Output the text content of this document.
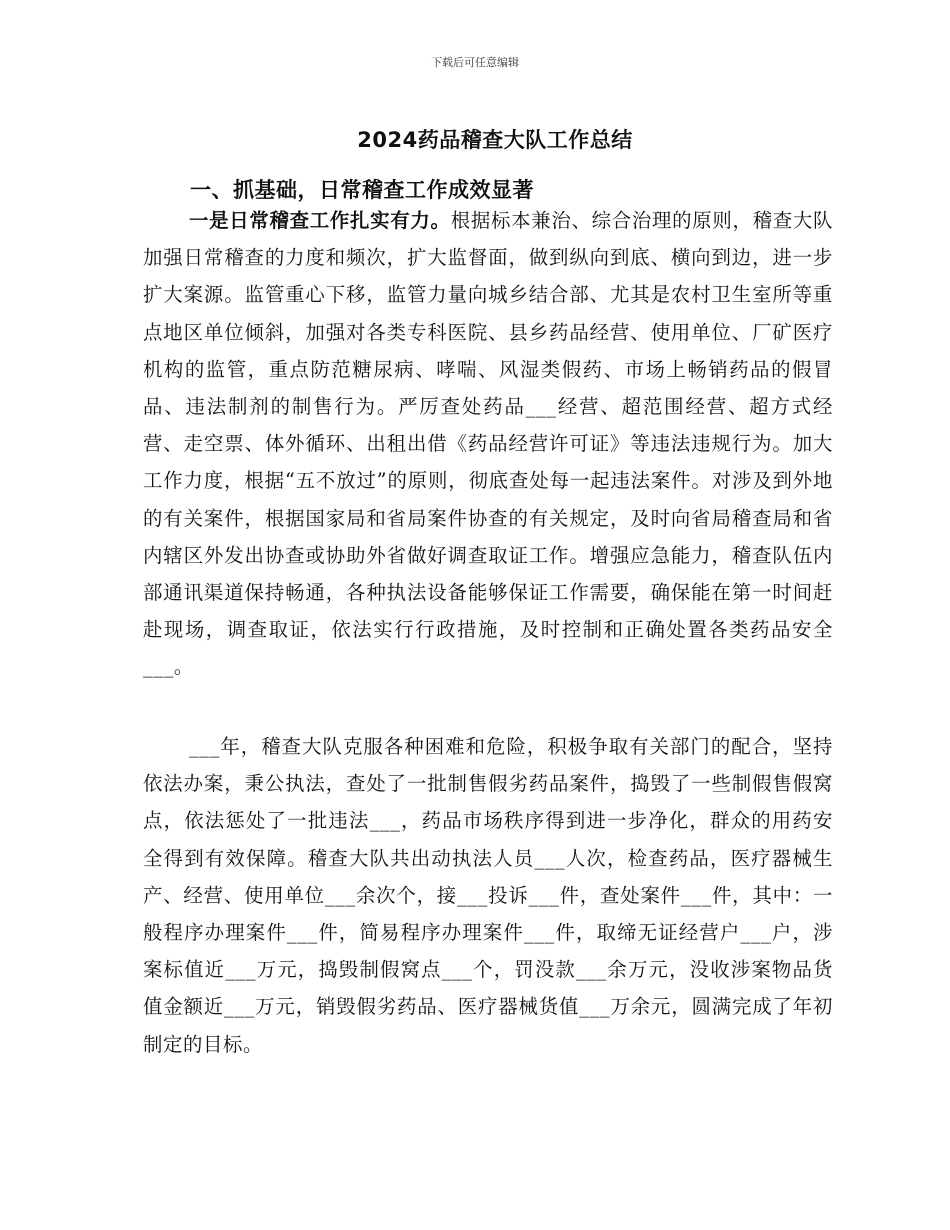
下载后可任意编辑
2024药品稽查大队工作总结
一、抓基础，日常稽查工作成效显著

一是日常稽查工作扎实有力。根据标本兼治、综合治理的原则，稽查大队加强日常稽查的力度和频次，扩大监督面，做到纵向到底、横向到边，进一步扩大案源。监管重心下移，监管力量向城乡结合部、尤其是农村卫生室所等重点地区单位倾斜，加强对各类专科医院、县乡药品经营、使用单位、厂矿医疗机构的监管，重点防范糖尿病、哮喘、风湿类假药、市场上畅销药品的假冒品、违法制剂的制售行为。严厉查处药品___经营、超范围经营、超方式经营、走空票、体外循环、出租出借《药品经营许可证》等违法违规行为。加大工作力度，根据“五不放过”的原则，彻底查处每一起违法案件。对涉及到外地的有关案件，根据国家局和省局案件协查的有关规定，及时向省局稽查局和省内辖区外发出协查或协助外省做好调查取证工作。增强应急能力，稽查队伍内部通讯渠道保持畅通，各种执法设备能够保证工作需要，确保能在第一时间赶赴现场，调查取证，依法实行行政措施，及时控制和正确处置各类药品安全___。

___年，稽查大队克服各种困难和危险，积极争取有关部门的配合，坚持依法办案，秉公执法，查处了一批制售假劣药品案件，捣毁了一些制假售假窝点，依法惩处了一批违法___，药品市场秩序得到进一步净化，群众的用药安全得到有效保障。稽查大队共出动执法人员___人次，检查药品，医疗器械生产、经营、使用单位___余次个，接___投诉___件，查处案件___件，其中：一般程序办理案件___件，简易程序办理案件___件，取缔无证经营户___户，涉案标值近___万元，捣毁制假窝点___个，罚没款___余万元，没收涉案物品货值金额近___万元，销毁假劣药品、医疗器械货值___万余元，圆满完成了年初制定的目标。
